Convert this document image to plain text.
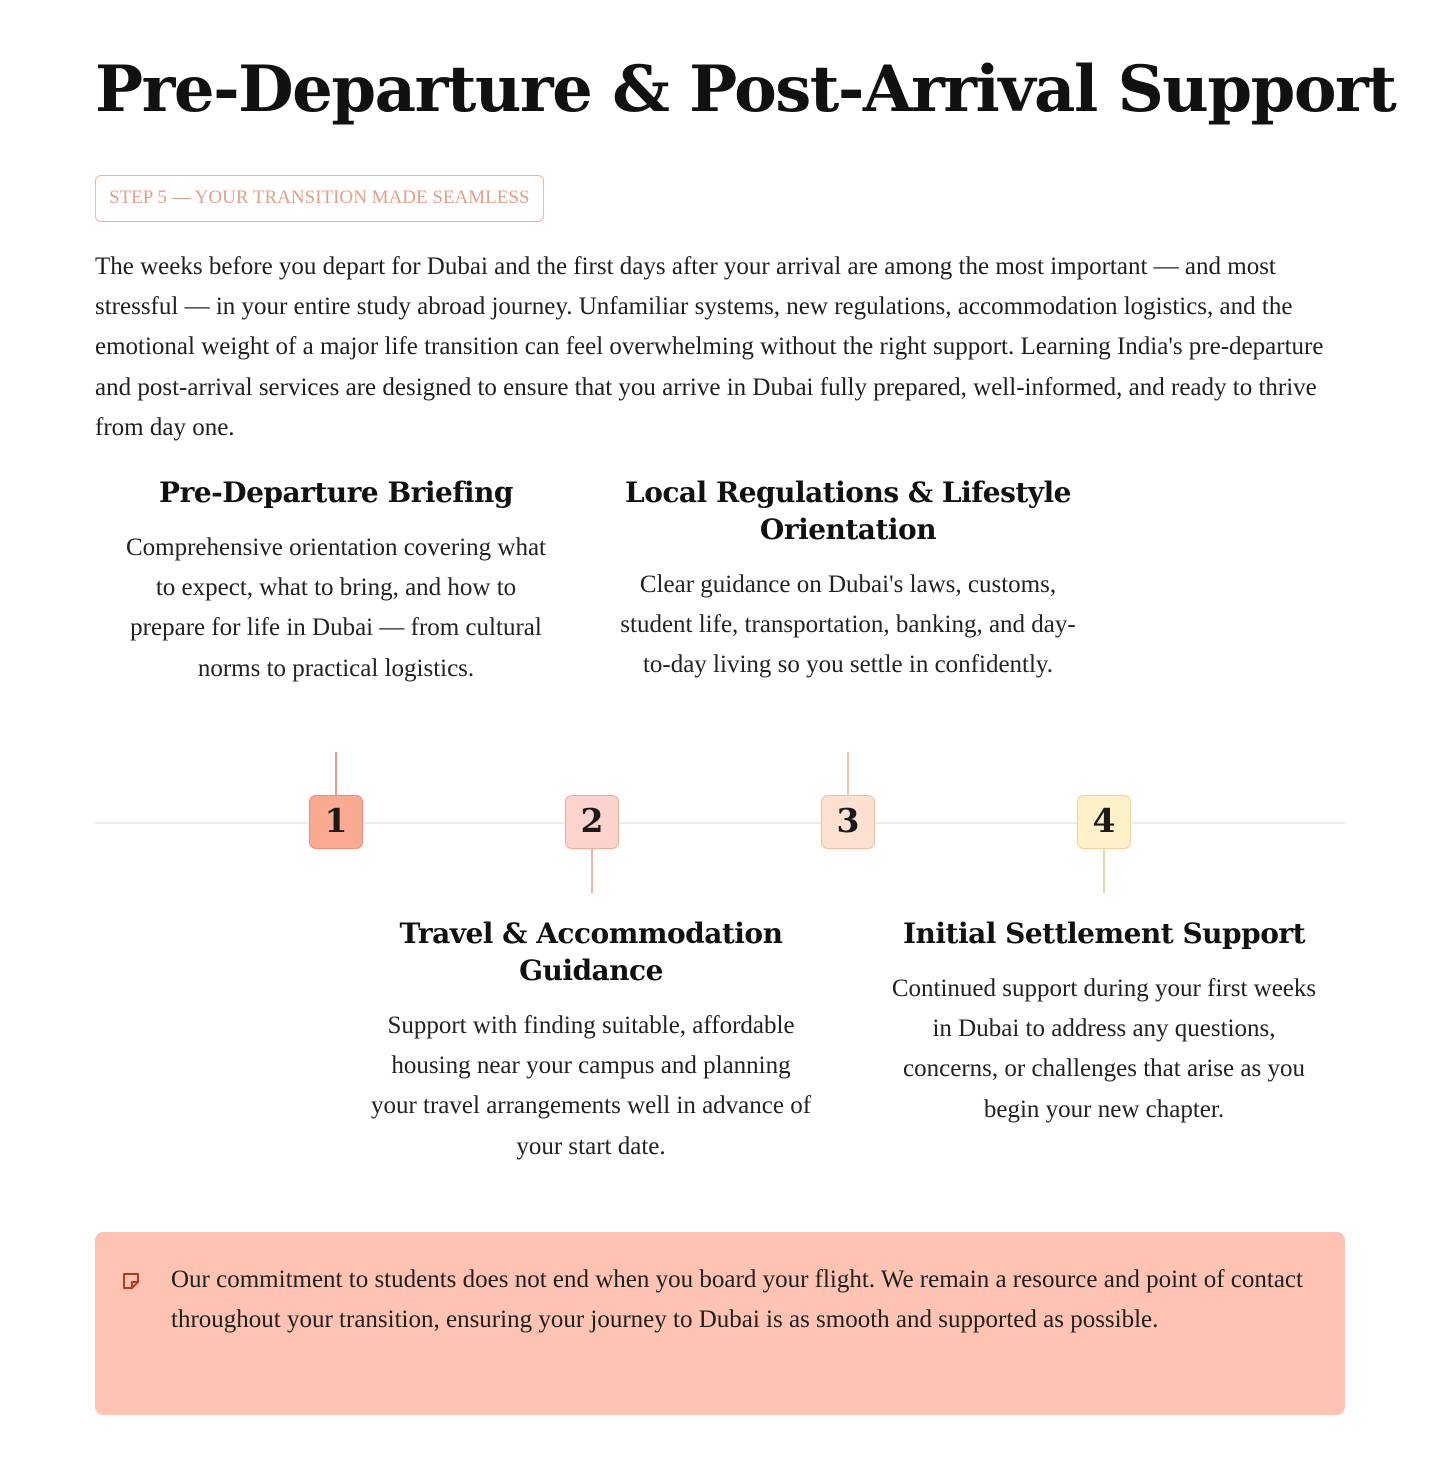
Pre-Departure & Post-Arrival Support
STEP 5 — YOUR TRANSITION MADE SEAMLESS

The weeks before you depart for Dubai and the first days after your arrival are among the most important — and most stressful — in your entire study abroad journey. Unfamiliar systems, new regulations, accommodation logistics, and the emotional weight of a major life transition can feel overwhelming without the right support. Learning India's pre-departure and post-arrival services are designed to ensure that you arrive in Dubai fully prepared, well-informed, and ready to thrive from day one.

Pre-Departure Briefing
Comprehensive orientation covering what to expect, what to bring, and how to prepare for life in Dubai — from cultural norms to practical logistics.
Local Regulations & Lifestyle Orientation
Clear guidance on Dubai's laws, customs, student life, transportation, banking, and day-to-day living so you settle in confidently.
1	2	3	4
Travel & Accommodation Guidance
Support with finding suitable, affordable housing near your campus and planning your travel arrangements well in advance of your start date.
Initial Settlement Support
Continued support during your first weeks in Dubai to address any questions, concerns, or challenges that arise as you begin your new chapter.

Our commitment to students does not end when you board your flight. We remain a resource and point of contact throughout your transition, ensuring your journey to Dubai is as smooth and supported as possible.
